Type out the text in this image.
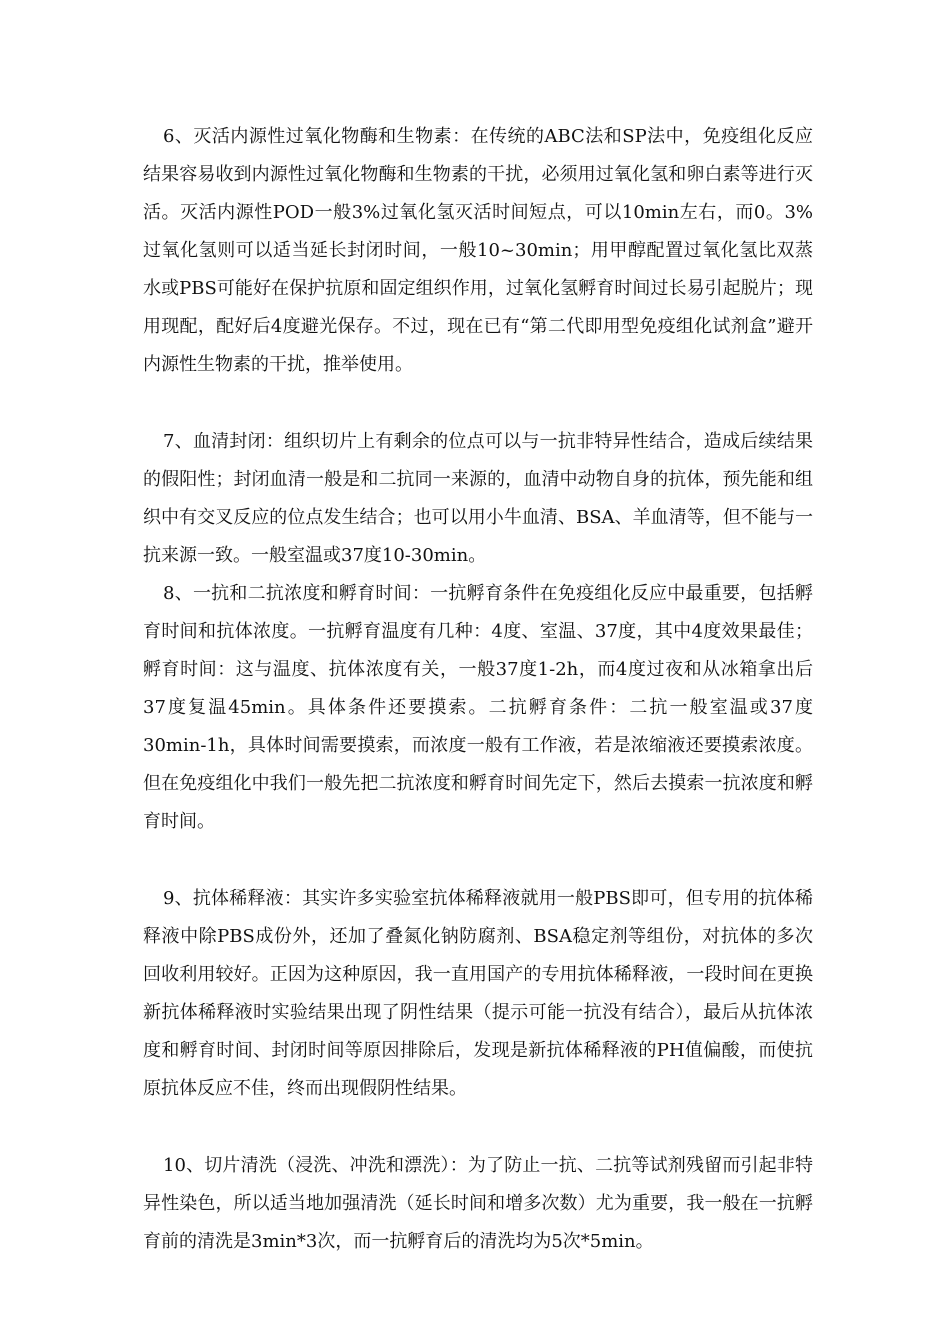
6、灭活内源性过氧化物酶和生物素：在传统的ABC法和SP法中，免疫组化反应结果容易收到内源性过氧化物酶和生物素的干扰，必须用过氧化氢和卵白素等进行灭活。灭活内源性POD一般3%过氧化氢灭活时间短点，可以10min左右，而0。3%过氧化氢则可以适当延长封闭时间，一般10~30min；用甲醇配置过氧化氢比双蒸水或PBS可能好在保护抗原和固定组织作用，过氧化氢孵育时间过长易引起脱片；现用现配，配好后4度避光保存。不过，现在已有“第二代即用型免疫组化试剂盒”避开内源性生物素的干扰，推举使用。

7、血清封闭：组织切片上有剩余的位点可以与一抗非特异性结合，造成后续结果的假阳性；封闭血清一般是和二抗同一来源的，血清中动物自身的抗体，预先能和组织中有交叉反应的位点发生结合；也可以用小牛血清、BSA、羊血清等，但不能与一抗来源一致。一般室温或37度10-30min。

8、一抗和二抗浓度和孵育时间：一抗孵育条件在免疫组化反应中最重要，包括孵育时间和抗体浓度。一抗孵育温度有几种：4度、室温、37度，其中4度效果最佳；孵育时间：这与温度、抗体浓度有关，一般37度1-2h，而4度过夜和从冰箱拿出后37度复温45min。具体条件还要摸索。二抗孵育条件：二抗一般室温或37度30min-1h，具体时间需要摸索，而浓度一般有工作液，若是浓缩液还要摸索浓度。但在免疫组化中我们一般先把二抗浓度和孵育时间先定下，然后去摸索一抗浓度和孵育时间。

9、抗体稀释液：其实许多实验室抗体稀释液就用一般PBS即可，但专用的抗体稀释液中除PBS成份外，还加了叠氮化钠防腐剂、BSA稳定剂等组份，对抗体的多次回收利用较好。正因为这种原因，我一直用国产的专用抗体稀释液，一段时间在更换新抗体稀释液时实验结果出现了阴性结果（提示可能一抗没有结合），最后从抗体浓度和孵育时间、封闭时间等原因排除后，发现是新抗体稀释液的PH值偏酸，而使抗原抗体反应不佳，终而出现假阴性结果。

10、切片清洗（浸洗、冲洗和漂洗）：为了防止一抗、二抗等试剂残留而引起非特异性染色，所以适当地加强清洗（延长时间和增多次数）尤为重要，我一般在一抗孵育前的清洗是3min*3次，而一抗孵育后的清洗均为5次*5min。
